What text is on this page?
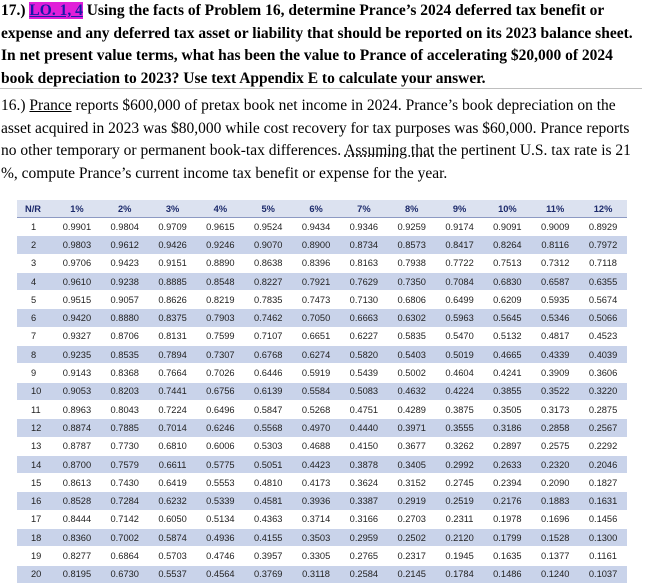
17.) LO. 1, 4 Using the facts of Problem 16, determine Prance’s 2024 deferred tax benefit or expense and any deferred tax asset or liability that should be reported on its 2023 balance sheet. In net present value terms, what has been the value to Prance of accelerating $20,000 of 2024 book depreciation to 2023? Use text Appendix E to calculate your answer.
16.) Prance reports $600,000 of pretax book net income in 2024. Prance’s book depreciation on the asset acquired in 2023 was $80,000 while cost recovery for tax purposes was $60,000. Prance reports no other temporary or permanent book-tax differences. Assuming that the pertinent U.S. tax rate is 21 %, compute Prance’s current income tax benefit or expense for the year.
N/R	1%	2%	3%	4%	5%	6%	7%	8%	9%	10%	11%	12%
1	0.9901	0.9804	0.9709	0.9615	0.9524	0.9434	0.9346	0.9259	0.9174	0.9091	0.9009	0.8929
2	0.9803	0.9612	0.9426	0.9246	0.9070	0.8900	0.8734	0.8573	0.8417	0.8264	0.8116	0.7972
3	0.9706	0.9423	0.9151	0.8890	0.8638	0.8396	0.8163	0.7938	0.7722	0.7513	0.7312	0.7118
4	0.9610	0.9238	0.8885	0.8548	0.8227	0.7921	0.7629	0.7350	0.7084	0.6830	0.6587	0.6355
5	0.9515	0.9057	0.8626	0.8219	0.7835	0.7473	0.7130	0.6806	0.6499	0.6209	0.5935	0.5674
6	0.9420	0.8880	0.8375	0.7903	0.7462	0.7050	0.6663	0.6302	0.5963	0.5645	0.5346	0.5066
7	0.9327	0.8706	0.8131	0.7599	0.7107	0.6651	0.6227	0.5835	0.5470	0.5132	0.4817	0.4523
8	0.9235	0.8535	0.7894	0.7307	0.6768	0.6274	0.5820	0.5403	0.5019	0.4665	0.4339	0.4039
9	0.9143	0.8368	0.7664	0.7026	0.6446	0.5919	0.5439	0.5002	0.4604	0.4241	0.3909	0.3606
10	0.9053	0.8203	0.7441	0.6756	0.6139	0.5584	0.5083	0.4632	0.4224	0.3855	0.3522	0.3220
11	0.8963	0.8043	0.7224	0.6496	0.5847	0.5268	0.4751	0.4289	0.3875	0.3505	0.3173	0.2875
12	0.8874	0.7885	0.7014	0.6246	0.5568	0.4970	0.4440	0.3971	0.3555	0.3186	0.2858	0.2567
13	0.8787	0.7730	0.6810	0.6006	0.5303	0.4688	0.4150	0.3677	0.3262	0.2897	0.2575	0.2292
14	0.8700	0.7579	0.6611	0.5775	0.5051	0.4423	0.3878	0.3405	0.2992	0.2633	0.2320	0.2046
15	0.8613	0.7430	0.6419	0.5553	0.4810	0.4173	0.3624	0.3152	0.2745	0.2394	0.2090	0.1827
16	0.8528	0.7284	0.6232	0.5339	0.4581	0.3936	0.3387	0.2919	0.2519	0.2176	0.1883	0.1631
17	0.8444	0.7142	0.6050	0.5134	0.4363	0.3714	0.3166	0.2703	0.2311	0.1978	0.1696	0.1456
18	0.8360	0.7002	0.5874	0.4936	0.4155	0.3503	0.2959	0.2502	0.2120	0.1799	0.1528	0.1300
19	0.8277	0.6864	0.5703	0.4746	0.3957	0.3305	0.2765	0.2317	0.1945	0.1635	0.1377	0.1161
20	0.8195	0.6730	0.5537	0.4564	0.3769	0.3118	0.2584	0.2145	0.1784	0.1486	0.1240	0.1037
